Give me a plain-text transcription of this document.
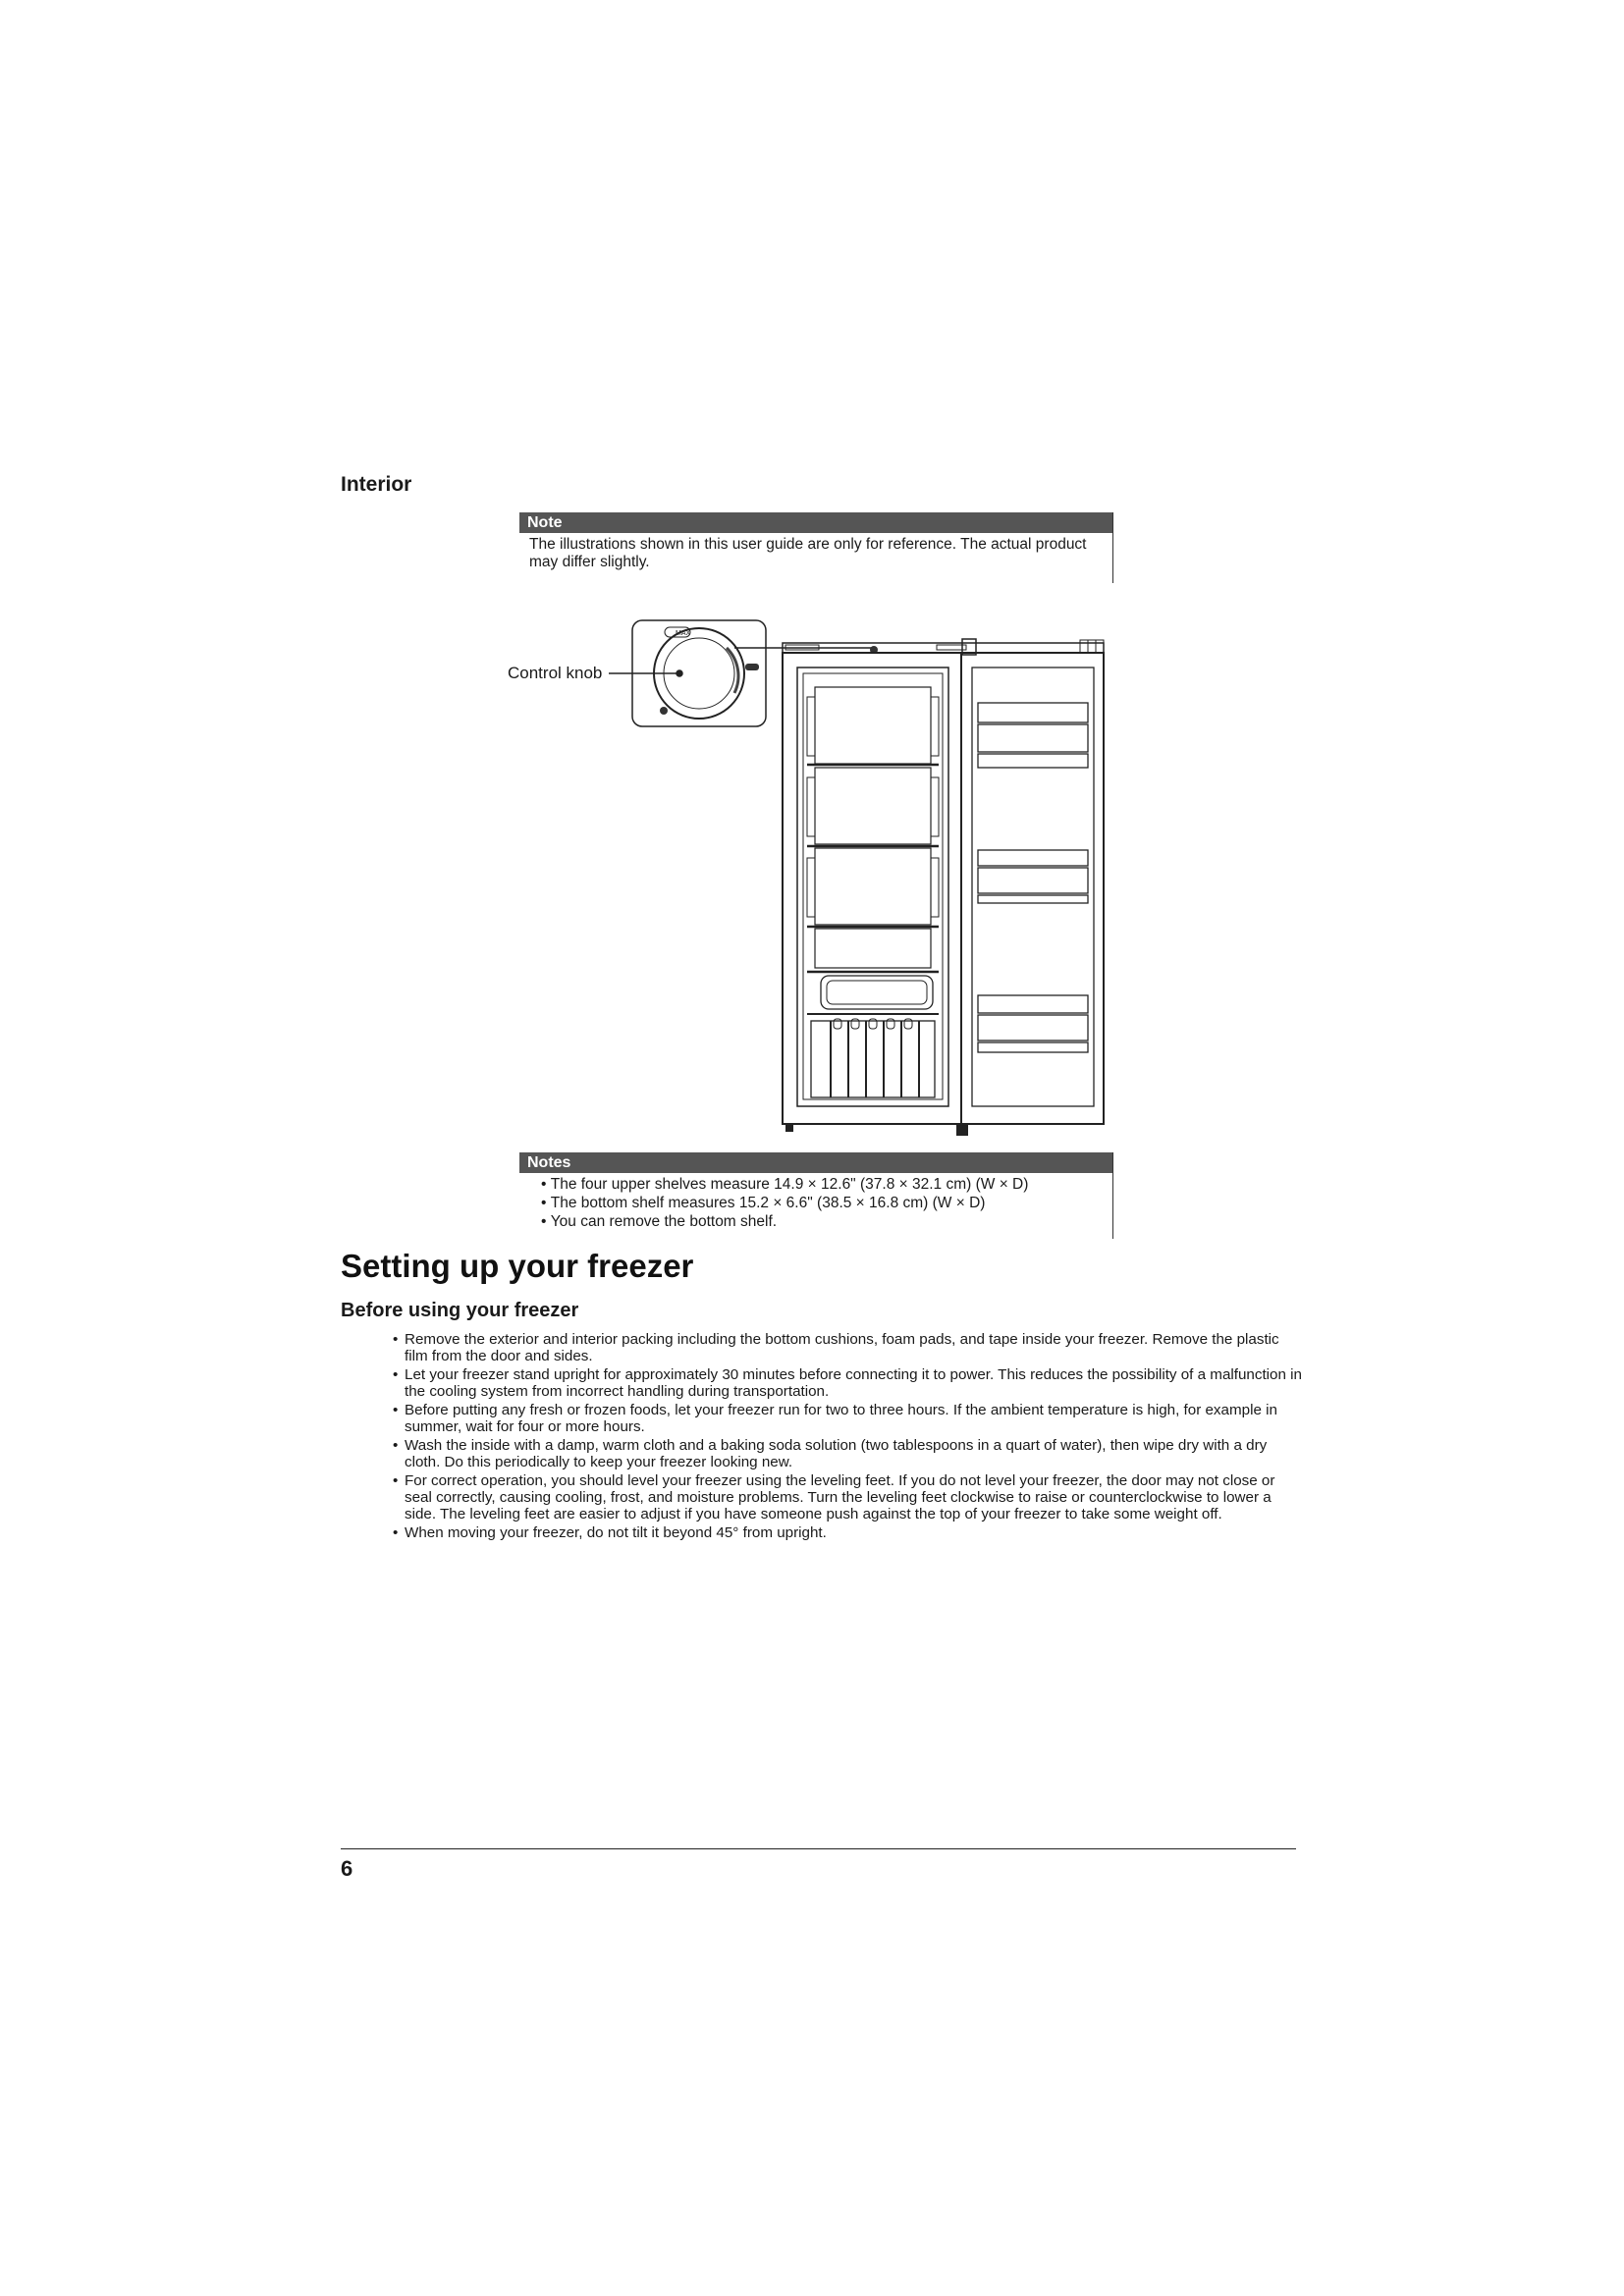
Interior
Note
The illustrations shown in this user guide are only for reference. The actual product may differ slightly.
Control knob
MAX
Notes
• The four upper shelves measure 14.9 × 12.6" (37.8 × 32.1 cm) (W × D)
• The bottom shelf measures 15.2 × 6.6" (38.5 × 16.8 cm) (W × D)
• You can remove the bottom shelf.
Setting up your freezer
Before using your freezer
• Remove the exterior and interior packing including the bottom cushions, foam pads, and tape inside your freezer. Remove the plastic film from the door and sides.
• Let your freezer stand upright for approximately 30 minutes before connecting it to power. This reduces the possibility of a malfunction in the cooling system from incorrect handling during transportation.
• Before putting any fresh or frozen foods, let your freezer run for two to three hours. If the ambient temperature is high, for example in summer, wait for four or more hours.
• Wash the inside with a damp, warm cloth and a baking soda solution (two tablespoons in a quart of water), then wipe dry with a dry cloth. Do this periodically to keep your freezer looking new.
• For correct operation, you should level your freezer using the leveling feet. If you do not level your freezer, the door may not close or seal correctly, causing cooling, frost, and moisture problems. Turn the leveling feet clockwise to raise or counterclockwise to lower a side. The leveling feet are easier to adjust if you have someone push against the top of your freezer to take some weight off.
• When moving your freezer, do not tilt it beyond 45° from upright.
6
